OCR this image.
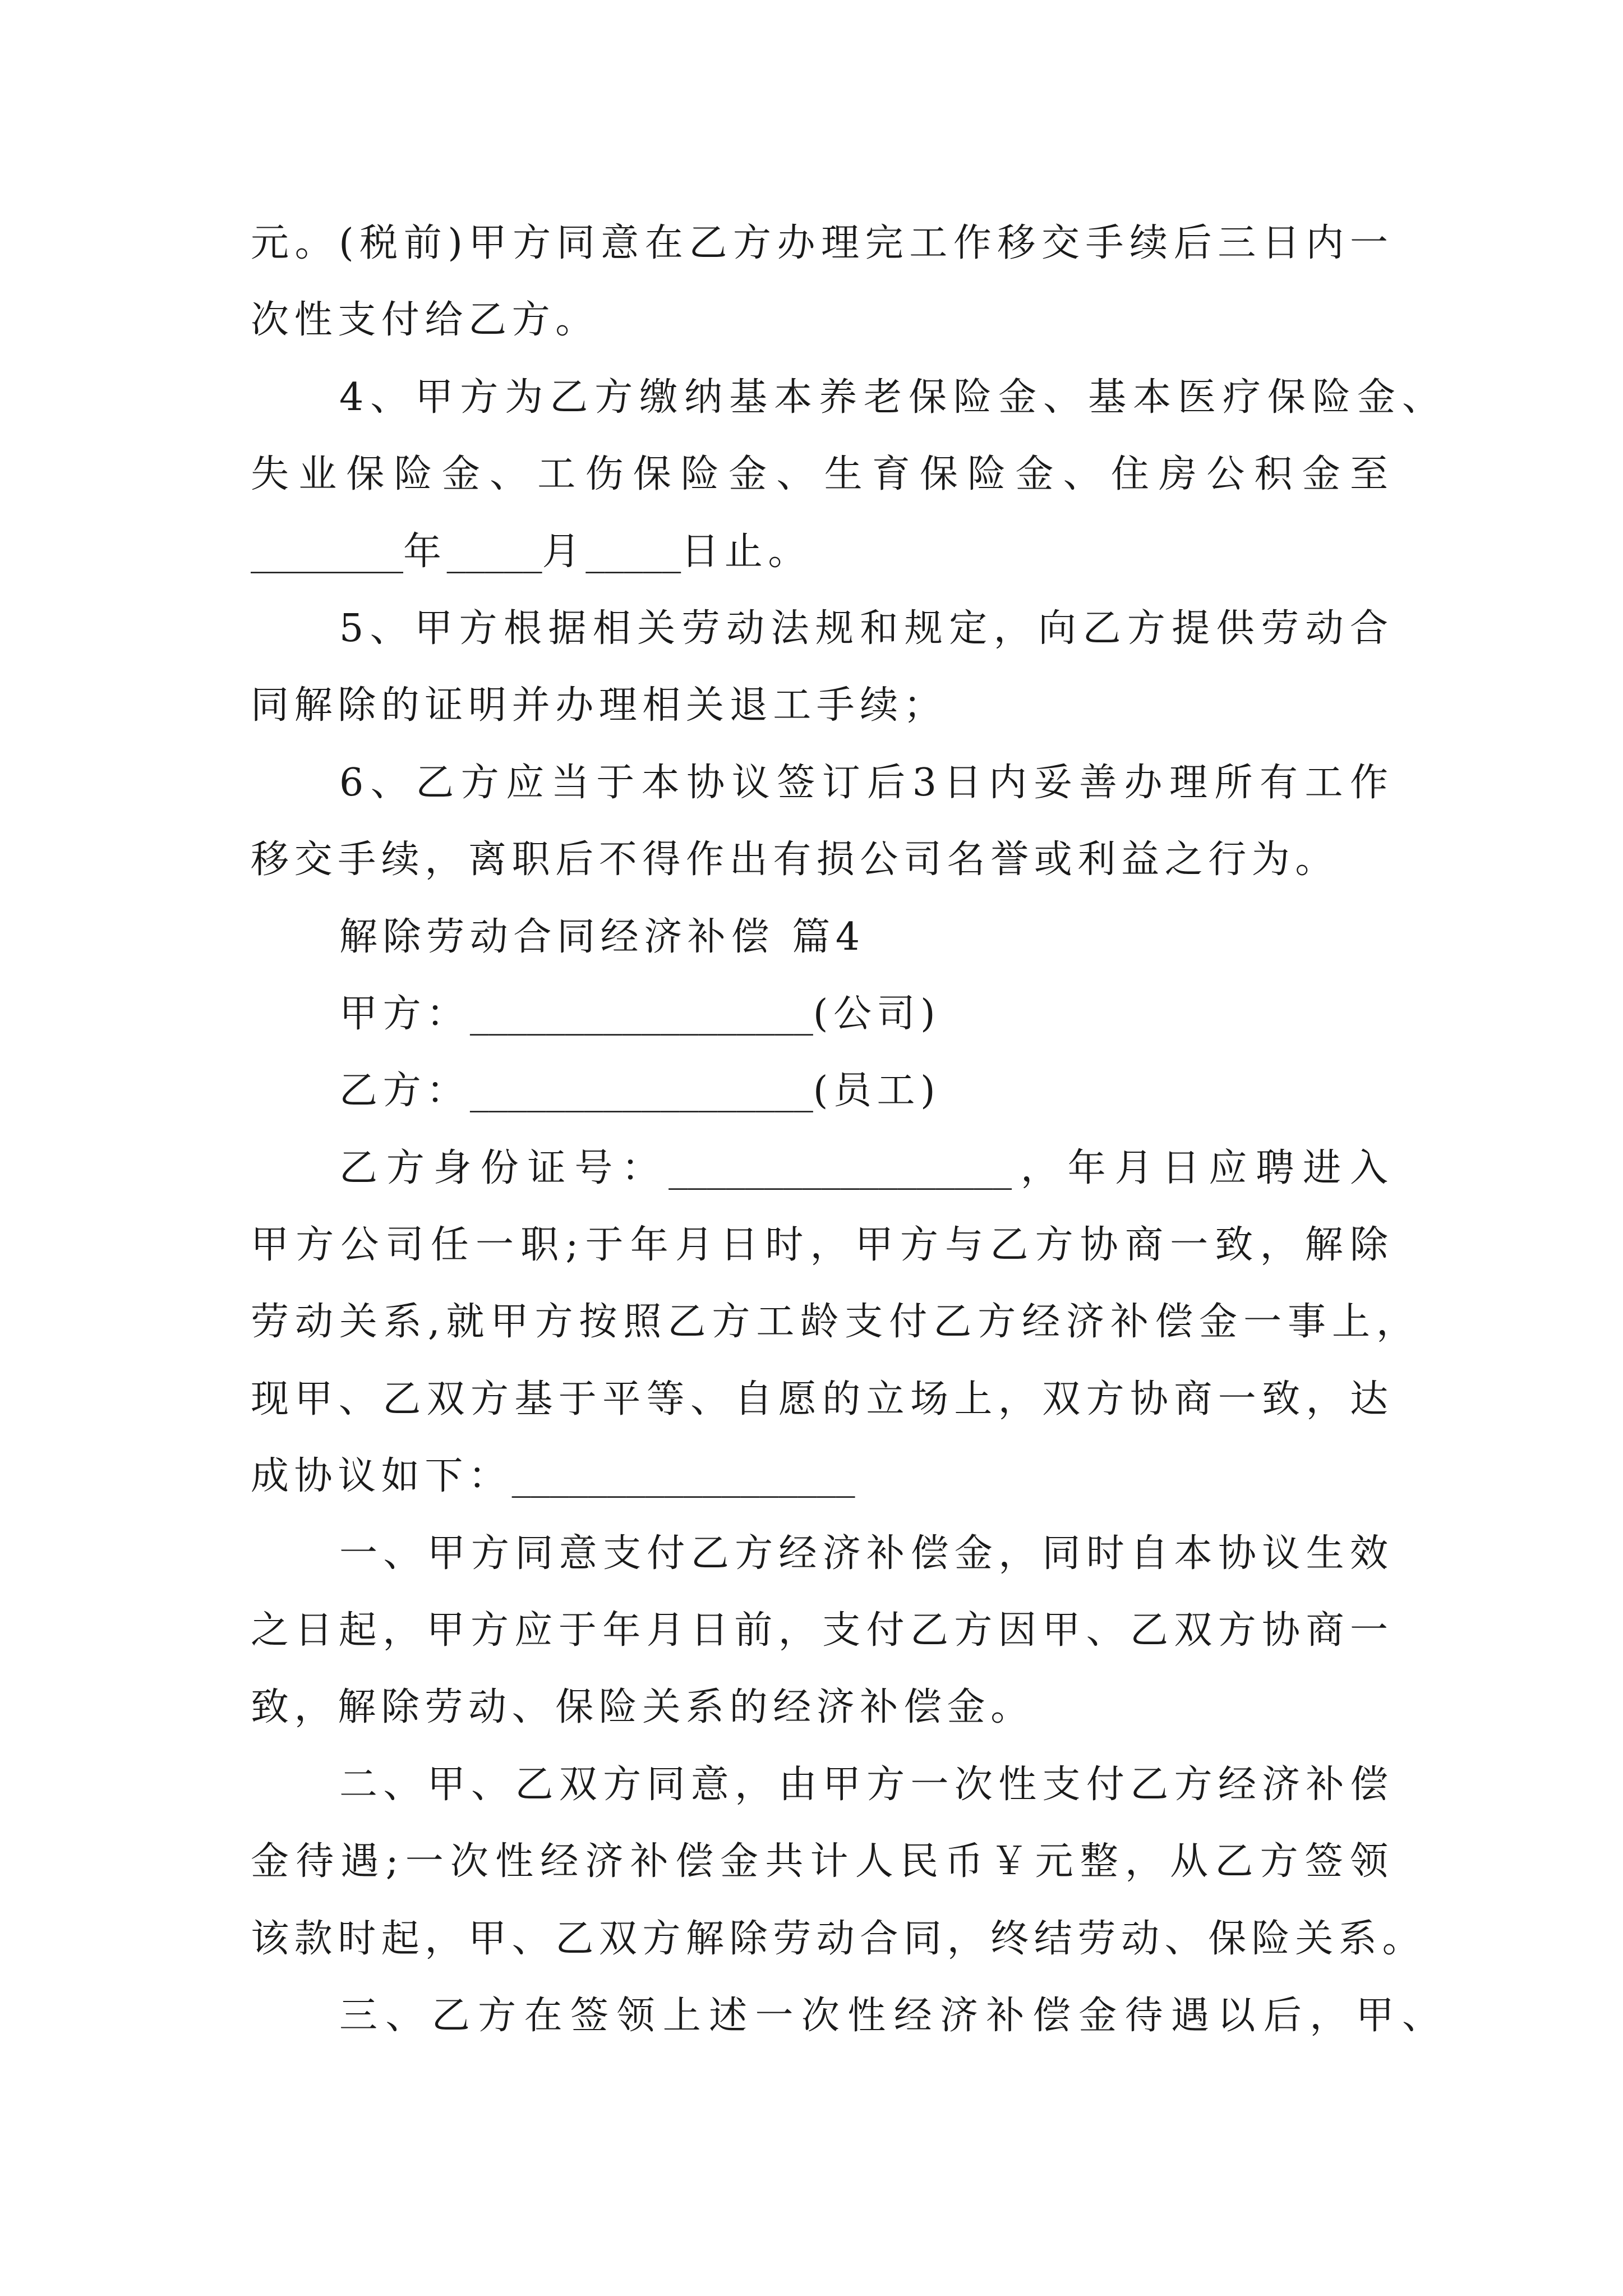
元。(税前)甲方同意在乙方办理完工作移交手续后三日内一
次性支付给乙方。
4、甲方为乙方缴纳基本养老保险金、基本医疗保险金、
失业保险金、工伤保险金、生育保险金、住房公积金至
________年_____月_____日止。
5、甲方根据相关劳动法规和规定，向乙方提供劳动合
同解除的证明并办理相关退工手续；
6、乙方应当于本协议签订后3日内妥善办理所有工作
移交手续，离职后不得作出有损公司名誉或利益之行为。
解除劳动合同经济补偿 篇4
甲方：__________________(公司)
乙方：__________________(员工)
乙方身份证号：__________________，年月日应聘进入
甲方公司任一职;于年月日时，甲方与乙方协商一致，解除
劳动关系,就甲方按照乙方工龄支付乙方经济补偿金一事上，
现甲、乙双方基于平等、自愿的立场上，双方协商一致，达
成协议如下：__________________
一、甲方同意支付乙方经济补偿金，同时自本协议生效
之日起，甲方应于年月日前，支付乙方因甲、乙双方协商一
致，解除劳动、保险关系的经济补偿金。
二、甲、乙双方同意，由甲方一次性支付乙方经济补偿
金待遇;一次性经济补偿金共计人民币￥元整，从乙方签领
该款时起，甲、乙双方解除劳动合同，终结劳动、保险关系。
三、乙方在签领上述一次性经济补偿金待遇以后，甲、
